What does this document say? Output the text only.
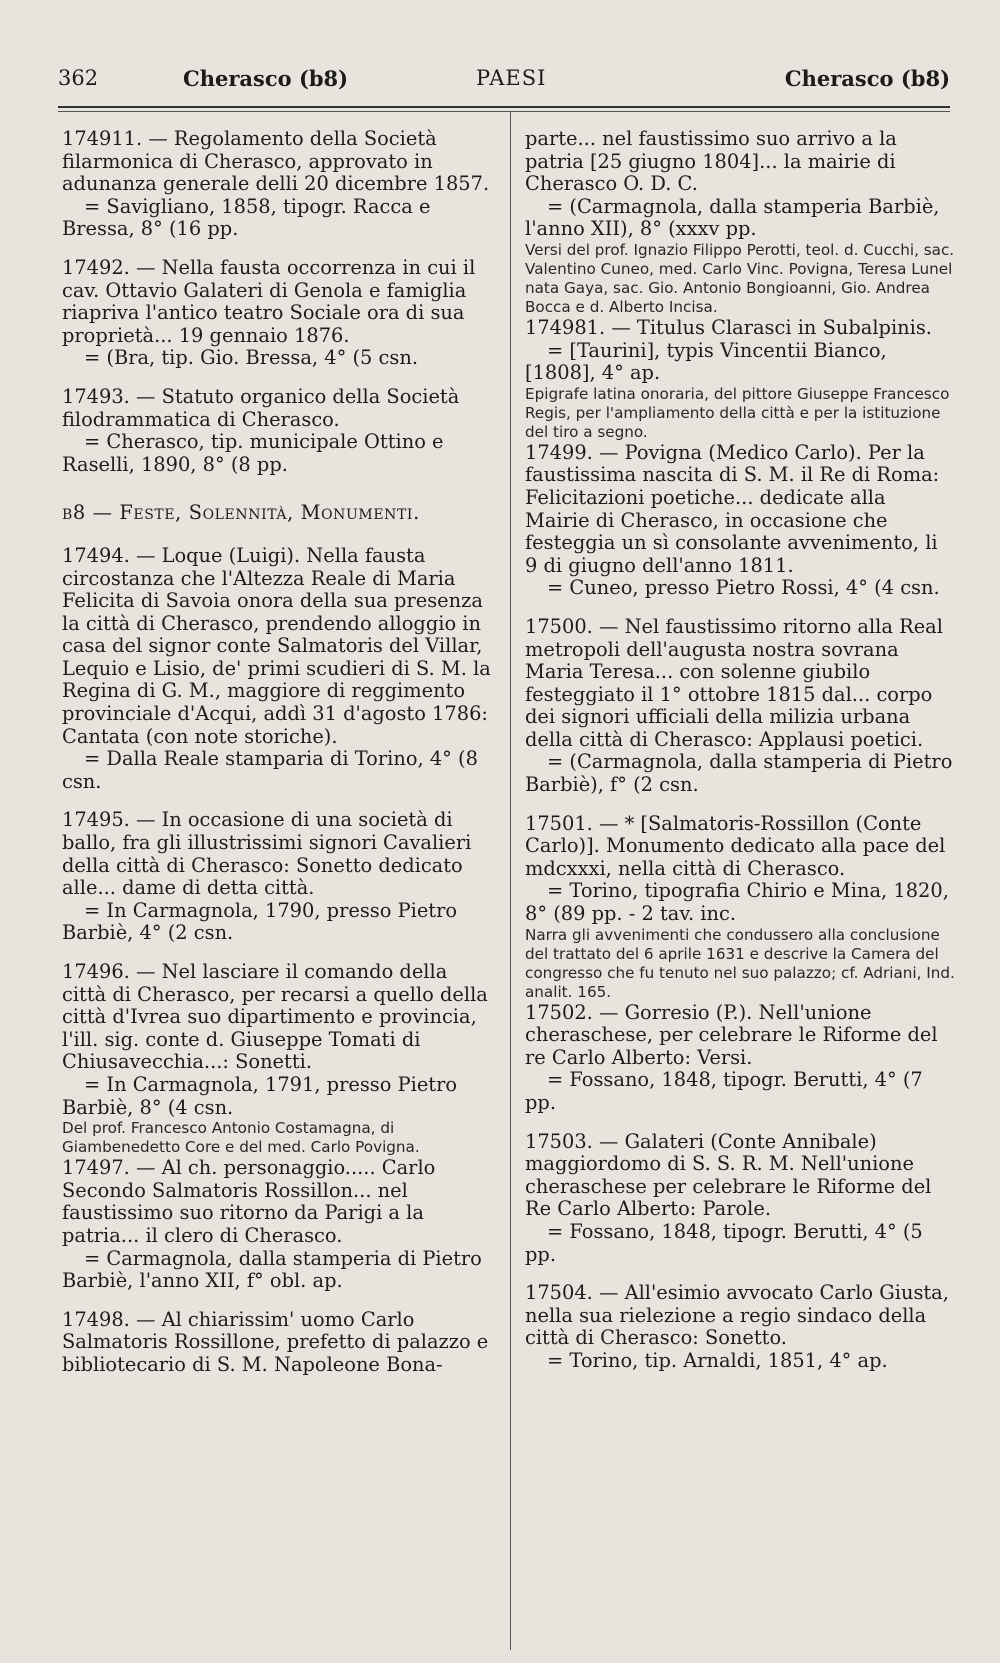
362	Cherasco (b8)	PAESI	Cherasco (b8)

174911. — Regolamento della Società filarmonica di Cherasco, approvato in adunanza generale delli 20 dicembre 1857.

= Savigliano, 1858, tipogr. Racca e Bressa, 8° (16 pp.

17492. — Nella fausta occorrenza in cui il cav. Ottavio Galateri di Genola e famiglia riapriva l'antico teatro Sociale ora di sua proprietà... 19 gennaio 1876.

= (Bra, tip. Gio. Bressa, 4° (5 csn.

17493. — Statuto organico della Società filodrammatica di Cherasco.

= Cherasco, tip. municipale Ottino e Raselli, 1890, 8° (8 pp.

b8 — Feste, Solennità, Monumenti.

17494. — Loque (Luigi). Nella fausta circostanza che l'Altezza Reale di Maria Felicita di Savoia onora della sua presenza la città di Cherasco, prendendo alloggio in casa del signor conte Salmatoris del Villar, Lequio e Lisio, de' primi scudieri di S. M. la Regina di G. M., maggiore di reggimento provinciale d'Acqui, addì 31 d'agosto 1786: Cantata (con note storiche).

= Dalla Reale stamparia di Torino, 4° (8 csn.

17495. — In occasione di una società di ballo, fra gli illustrissimi signori Cavalieri della città di Cherasco: Sonetto dedicato alle... dame di detta città.

= In Carmagnola, 1790, presso Pietro Barbiè, 4° (2 csn.

17496. — Nel lasciare il comando della città di Cherasco, per recarsi a quello della città d'Ivrea suo dipartimento e provincia, l'ill. sig. conte d. Giuseppe Tomati di Chiusavecchia...: Sonetti.

= In Carmagnola, 1791, presso Pietro Barbiè, 8° (4 csn.

Del prof. Francesco Antonio Costamagna, di Giambenedetto Core e del med. Carlo Povigna.

17497. — Al ch. personaggio..... Carlo Secondo Salmatoris Rossillon... nel faustissimo suo ritorno da Parigi a la patria... il clero di Cherasco.

= Carmagnola, dalla stamperia di Pietro Barbiè, l'anno XII, f° obl. ap.

17498. — Al chiarissim' uomo Carlo Salmatoris Rossillone, prefetto di palazzo e bibliotecario di S. M. Napoleone Bona-

parte... nel faustissimo suo arrivo a la patria [25 giugno 1804]... la mairie di Cherasco O. D. C.

= (Carmagnola, dalla stamperia Barbiè, l'anno XII), 8° (xxxv pp.

Versi del prof. Ignazio Filippo Perotti, teol. d. Cucchi, sac. Valentino Cuneo, med. Carlo Vinc. Povigna, Teresa Lunel nata Gaya, sac. Gio. Antonio Bongioanni, Gio. Andrea Bocca e d. Alberto Incisa.

174981. — Titulus Clarasci in Subalpinis.

= [Taurini], typis Vincentii Bianco, [1808], 4° ap.

Epigrafe latina onoraria, del pittore Giuseppe Francesco Regis, per l'ampliamento della città e per la istituzione del tiro a segno.

17499. — Povigna (Medico Carlo). Per la faustissima nascita di S. M. il Re di Roma: Felicitazioni poetiche... dedicate alla Mairie di Cherasco, in occasione che festeggia un sì consolante avvenimento, li 9 di giugno dell'anno 1811.

= Cuneo, presso Pietro Rossi, 4° (4 csn.

17500. — Nel faustissimo ritorno alla Real metropoli dell'augusta nostra sovrana Maria Teresa... con solenne giubilo festeggiato il 1° ottobre 1815 dal... corpo dei signori ufficiali della milizia urbana della città di Cherasco: Applausi poetici.

= (Carmagnola, dalla stamperia di Pietro Barbiè), f° (2 csn.

17501. — * [Salmatoris-Rossillon (Conte Carlo)]. Monumento dedicato alla pace del mdcxxxi, nella città di Cherasco.

= Torino, tipografia Chirio e Mina, 1820, 8° (89 pp. - 2 tav. inc.

Narra gli avvenimenti che condussero alla conclusione del trattato del 6 aprile 1631 e descrive la Camera del congresso che fu tenuto nel suo palazzo; cf. Adriani, Ind. analit. 165.

17502. — Gorresio (P.). Nell'unione cheraschese, per celebrare le Riforme del re Carlo Alberto: Versi.

= Fossano, 1848, tipogr. Berutti, 4° (7 pp.

17503. — Galateri (Conte Annibale) maggiordomo di S. S. R. M. Nell'unione cheraschese per celebrare le Riforme del Re Carlo Alberto: Parole.

= Fossano, 1848, tipogr. Berutti, 4° (5 pp.

17504. — All'esimio avvocato Carlo Giusta, nella sua rielezione a regio sindaco della città di Cherasco: Sonetto.

= Torino, tip. Arnaldi, 1851, 4° ap.
